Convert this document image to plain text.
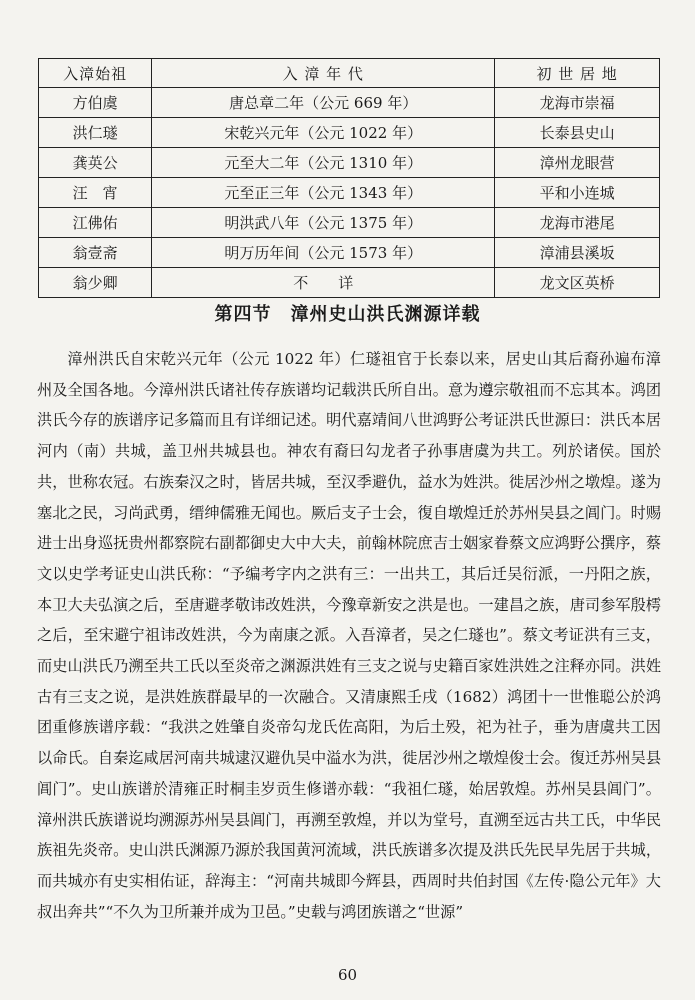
入漳始祖	入 漳 年 代	初 世 居 地
方伯虞	唐总章二年（公元 669 年）	龙海市崇福
洪仁璲	宋乾兴元年（公元 1022 年）	长泰县史山
龚英公	元至大二年（公元 1310 年）	漳州龙眼营
汪　宵	元至正三年（公元 1343 年）	平和小连城
江佛佑	明洪武八年（公元 1375 年）	龙海市港尾
翁壹斋	明万历年间（公元 1573 年）	漳浦县溪坂
翁少卿	不　　详	龙文区英桥
第四节　漳州史山洪氏渊源详载

漳州洪氏自宋乾兴元年（公元 1022 年）仁璲祖官于长泰以来，居史山其后裔孙遍布漳州及全国各地。今漳州洪氏诸社传存族谱均记载洪氏所自出。意为遵宗敬祖而不忘其本。鸿团洪氏今存的族谱序记多篇而且有详细记述。明代嘉靖间八世鸿野公考证洪氏世源曰：洪氏本居河内（南）共城，盖卫州共城县也。神农有裔曰勾龙者子孙事唐虞为共工。列於诸侯。国於共，世称农冠。右族秦汉之时，皆居共城，至汉季避仇，益水为姓洪。徙居沙州之墩煌。遂为塞北之民，习尚武勇，缙绅儒雅无闻也。厥后支子士会，復自墩煌迁於苏州吴县之阊门。时赐进士出身巡抚贵州都察院右副都御史大中大夫，前翰林院庶吉士姻家眷蔡文应鸿野公撰序，蔡文以史学考证史山洪氏称：“予编考字内之洪有三：一出共工，其后迁吴衍派，一丹阳之族，本卫大夫弘演之后，至唐避孝敬讳改姓洪，今豫章新安之洪是也。一建昌之族，唐司参军殷樗之后，至宋避宁祖讳改姓洪，今为南康之派。入吾漳者，吴之仁璲也”。蔡文考证洪有三支，而史山洪氏乃溯至共工氏以至炎帝之渊源洪姓有三支之说与史籍百家姓洪姓之注释亦同。洪姓古有三支之说，是洪姓族群最早的一次融合。又清康熙壬戌（1682）鸿团十一世惟聪公於鸿团重修族谱序载：“我洪之姓肇自炎帝勾龙氏佐高阳，为后土殁，祀为社子，垂为唐虞共工因以命氏。自秦迄咸居河南共城逮汉避仇吴中溢水为洪，徙居沙州之墩煌俊士会。復迁苏州吴县阊门”。史山族谱於清雍正时桐圭岁贡生修谱亦载：“我祖仁璲，始居敦煌。苏州吴县阊门”。漳州洪氏族谱说均溯源苏州吴县阊门，再溯至敦煌，并以为堂号，直溯至远古共工氏，中华民族祖先炎帝。史山洪氏渊源乃源於我国黄河流域，洪氏族谱多次提及洪氏先民早先居于共城，而共城亦有史实相佑证，辞海主：“河南共城即今辉县，西周时共伯封国《左传·隐公元年》大叔出奔共”“不久为卫所兼并成为卫邑。”史载与鸿团族谱之“世源”

60
